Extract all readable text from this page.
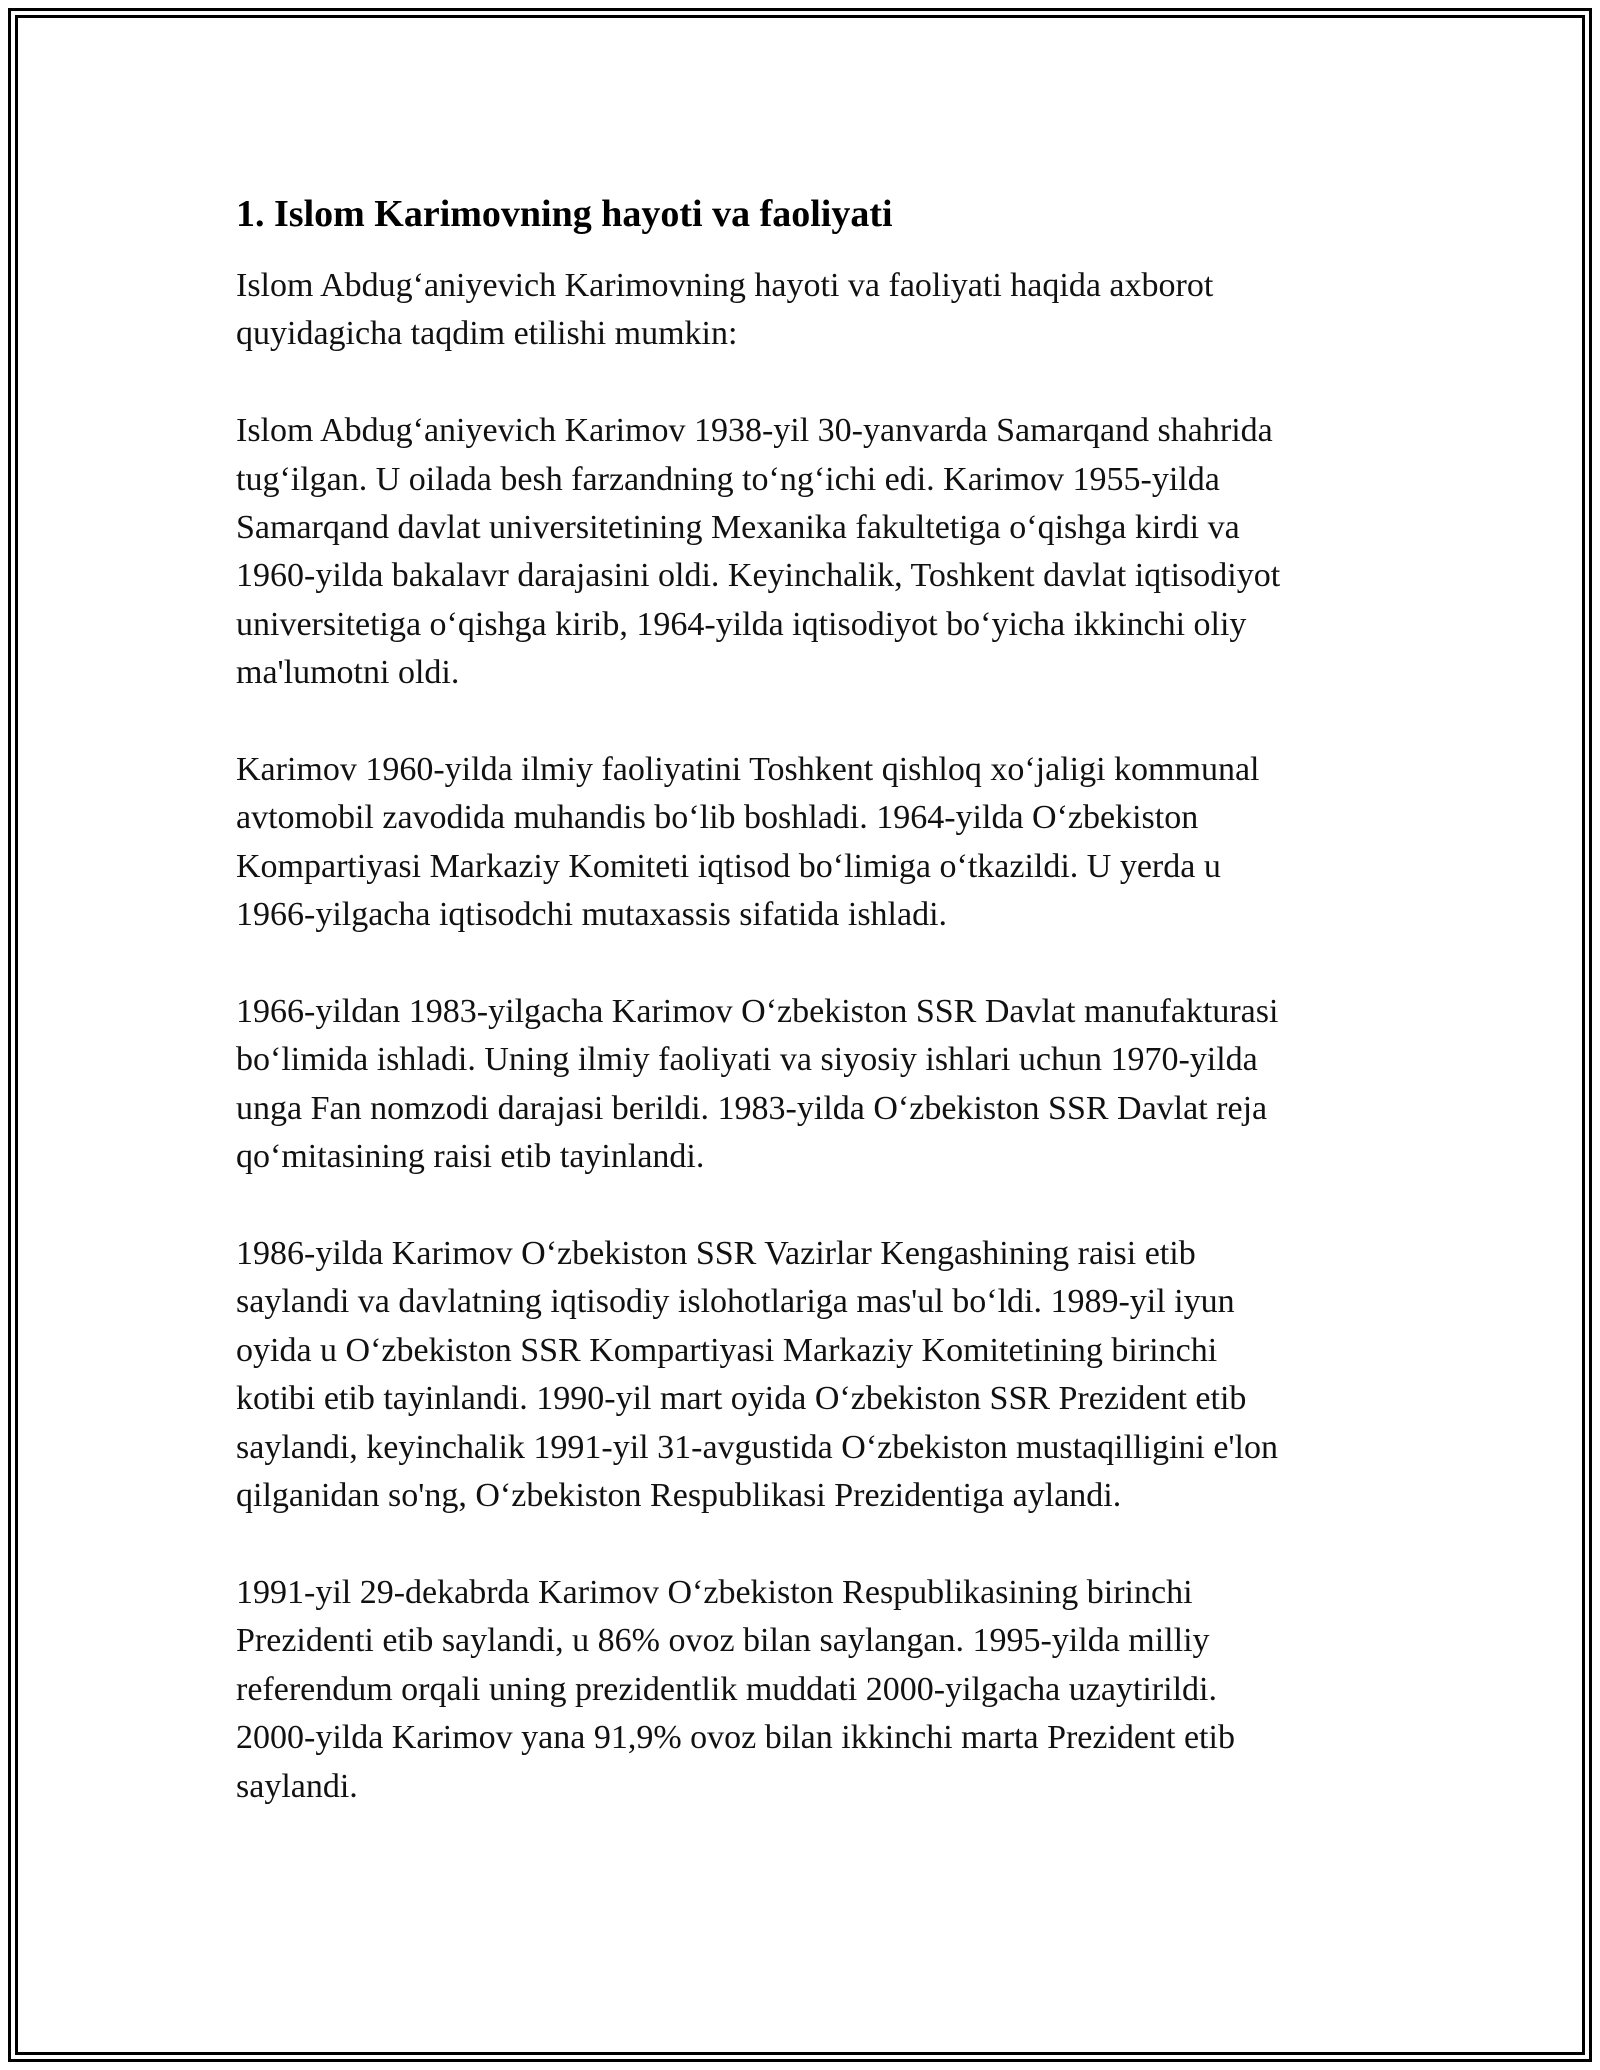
1. Islom Karimovning hayoti va faoliyati

Islom Abdugʻaniyevich Karimovning hayoti va faoliyati haqida axborot
quyidagicha taqdim etilishi mumkin:

Islom Abdugʻaniyevich Karimov 1938-yil 30-yanvarda Samarqand shahrida
tugʻilgan. U oilada besh farzandning toʻngʻichi edi. Karimov 1955-yilda
Samarqand davlat universitetining Mexanika fakultetiga oʻqishga kirdi va
1960-yilda bakalavr darajasini oldi. Keyinchalik, Toshkent davlat iqtisodiyot
universitetiga oʻqishga kirib, 1964-yilda iqtisodiyot boʻyicha ikkinchi oliy
ma'lumotni oldi.

Karimov 1960-yilda ilmiy faoliyatini Toshkent qishloq xoʻjaligi kommunal
avtomobil zavodida muhandis boʻlib boshladi. 1964-yilda Oʻzbekiston
Kompartiyasi Markaziy Komiteti iqtisod boʻlimiga oʻtkazildi. U yerda u
1966-yilgacha iqtisodchi mutaxassis sifatida ishladi.

1966-yildan 1983-yilgacha Karimov Oʻzbekiston SSR Davlat manufakturasi
boʻlimida ishladi. Uning ilmiy faoliyati va siyosiy ishlari uchun 1970-yilda
unga Fan nomzodi darajasi berildi. 1983-yilda Oʻzbekiston SSR Davlat reja
qoʻmitasining raisi etib tayinlandi.

1986-yilda Karimov Oʻzbekiston SSR Vazirlar Kengashining raisi etib
saylandi va davlatning iqtisodiy islohotlariga mas'ul boʻldi. 1989-yil iyun
oyida u Oʻzbekiston SSR Kompartiyasi Markaziy Komitetining birinchi
kotibi etib tayinlandi. 1990-yil mart oyida Oʻzbekiston SSR Prezident etib
saylandi, keyinchalik 1991-yil 31-avgustida Oʻzbekiston mustaqilligini e'lon
qilganidan so'ng, Oʻzbekiston Respublikasi Prezidentiga aylandi.

1991-yil 29-dekabrda Karimov Oʻzbekiston Respublikasining birinchi
Prezidenti etib saylandi, u 86% ovoz bilan saylangan. 1995-yilda milliy
referendum orqali uning prezidentlik muddati 2000-yilgacha uzaytirildi.
2000-yilda Karimov yana 91,9% ovoz bilan ikkinchi marta Prezident etib
saylandi.
